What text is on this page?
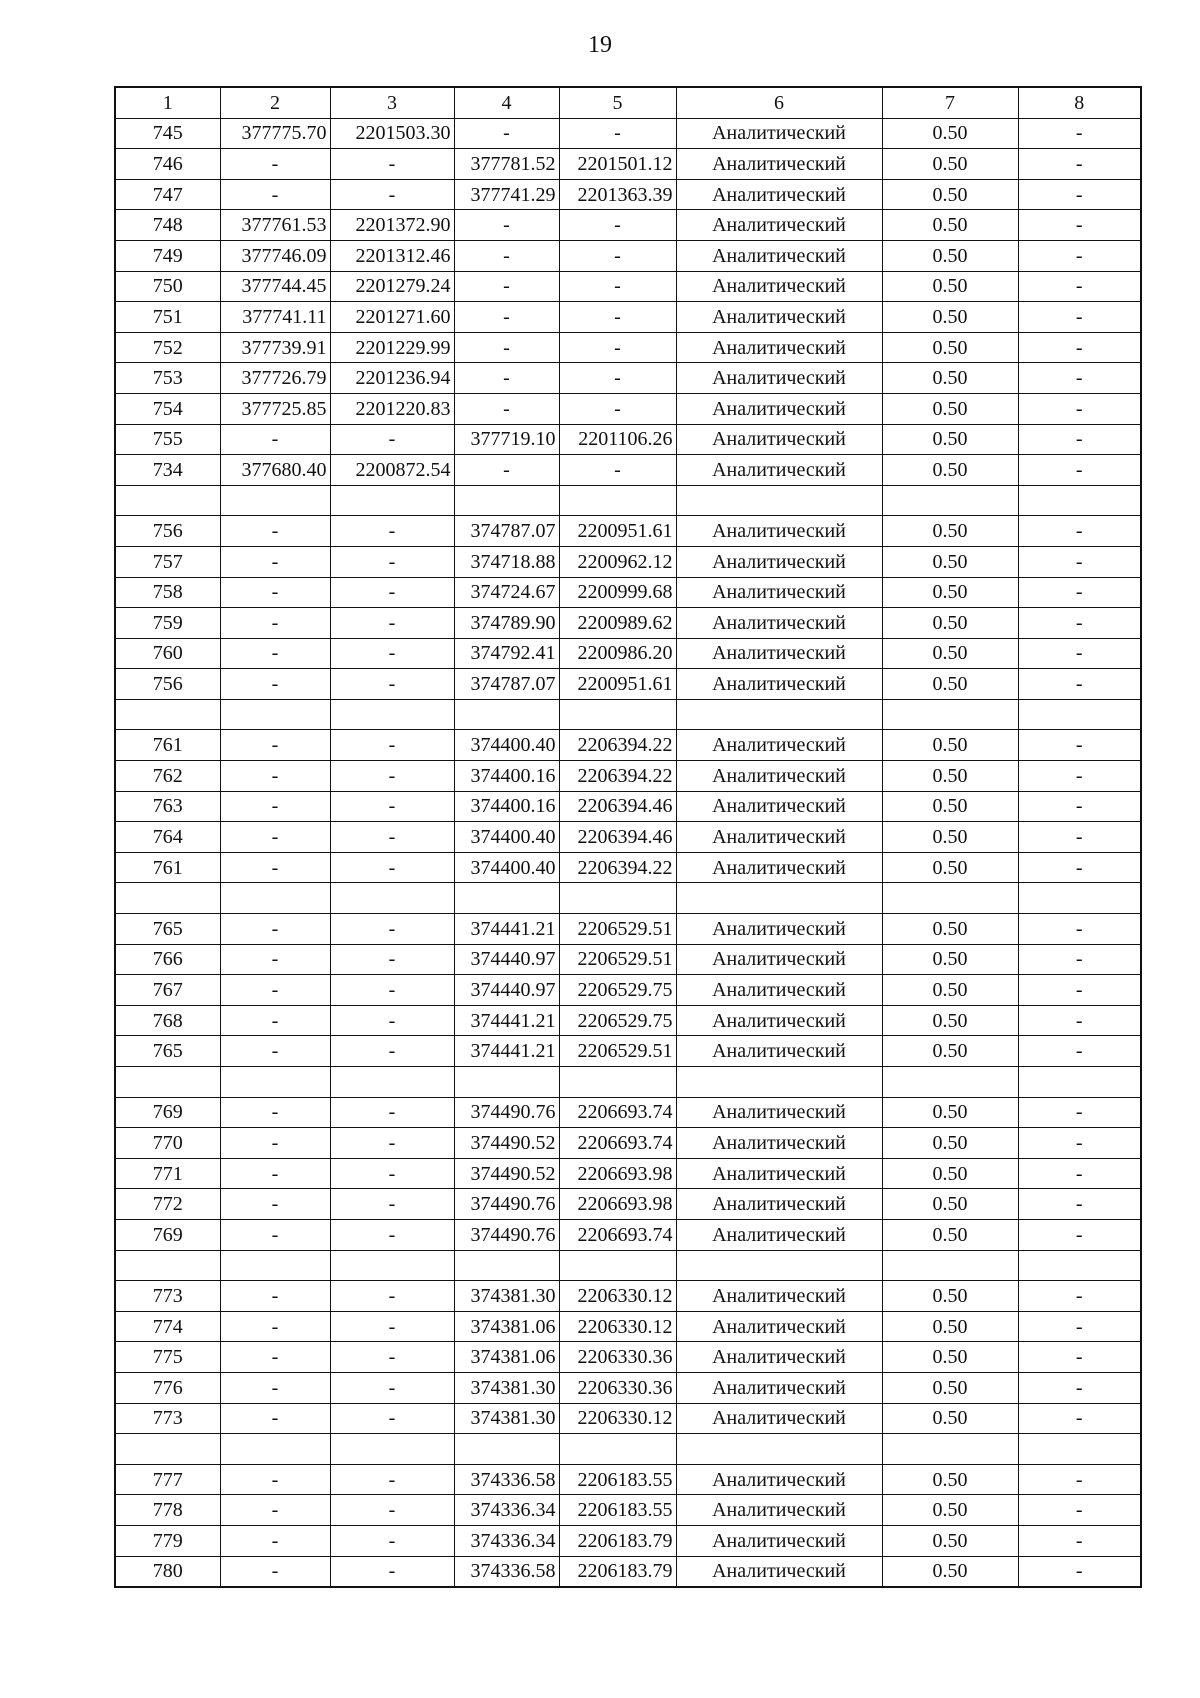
19
1	2	3	4	5	6	7	8
745	377775.70	2201503.30	-	-	Аналитический	0.50	-
746	-	-	377781.52	2201501.12	Аналитический	0.50	-
747	-	-	377741.29	2201363.39	Аналитический	0.50	-
748	377761.53	2201372.90	-	-	Аналитический	0.50	-
749	377746.09	2201312.46	-	-	Аналитический	0.50	-
750	377744.45	2201279.24	-	-	Аналитический	0.50	-
751	377741.11	2201271.60	-	-	Аналитический	0.50	-
752	377739.91	2201229.99	-	-	Аналитический	0.50	-
753	377726.79	2201236.94	-	-	Аналитический	0.50	-
754	377725.85	2201220.83	-	-	Аналитический	0.50	-
755	-	-	377719.10	2201106.26	Аналитический	0.50	-
734	377680.40	2200872.54	-	-	Аналитический	0.50	-

756	-	-	374787.07	2200951.61	Аналитический	0.50	-
757	-	-	374718.88	2200962.12	Аналитический	0.50	-
758	-	-	374724.67	2200999.68	Аналитический	0.50	-
759	-	-	374789.90	2200989.62	Аналитический	0.50	-
760	-	-	374792.41	2200986.20	Аналитический	0.50	-
756	-	-	374787.07	2200951.61	Аналитический	0.50	-

761	-	-	374400.40	2206394.22	Аналитический	0.50	-
762	-	-	374400.16	2206394.22	Аналитический	0.50	-
763	-	-	374400.16	2206394.46	Аналитический	0.50	-
764	-	-	374400.40	2206394.46	Аналитический	0.50	-
761	-	-	374400.40	2206394.22	Аналитический	0.50	-

765	-	-	374441.21	2206529.51	Аналитический	0.50	-
766	-	-	374440.97	2206529.51	Аналитический	0.50	-
767	-	-	374440.97	2206529.75	Аналитический	0.50	-
768	-	-	374441.21	2206529.75	Аналитический	0.50	-
765	-	-	374441.21	2206529.51	Аналитический	0.50	-

769	-	-	374490.76	2206693.74	Аналитический	0.50	-
770	-	-	374490.52	2206693.74	Аналитический	0.50	-
771	-	-	374490.52	2206693.98	Аналитический	0.50	-
772	-	-	374490.76	2206693.98	Аналитический	0.50	-
769	-	-	374490.76	2206693.74	Аналитический	0.50	-

773	-	-	374381.30	2206330.12	Аналитический	0.50	-
774	-	-	374381.06	2206330.12	Аналитический	0.50	-
775	-	-	374381.06	2206330.36	Аналитический	0.50	-
776	-	-	374381.30	2206330.36	Аналитический	0.50	-
773	-	-	374381.30	2206330.12	Аналитический	0.50	-

777	-	-	374336.58	2206183.55	Аналитический	0.50	-
778	-	-	374336.34	2206183.55	Аналитический	0.50	-
779	-	-	374336.34	2206183.79	Аналитический	0.50	-
780	-	-	374336.58	2206183.79	Аналитический	0.50	-
